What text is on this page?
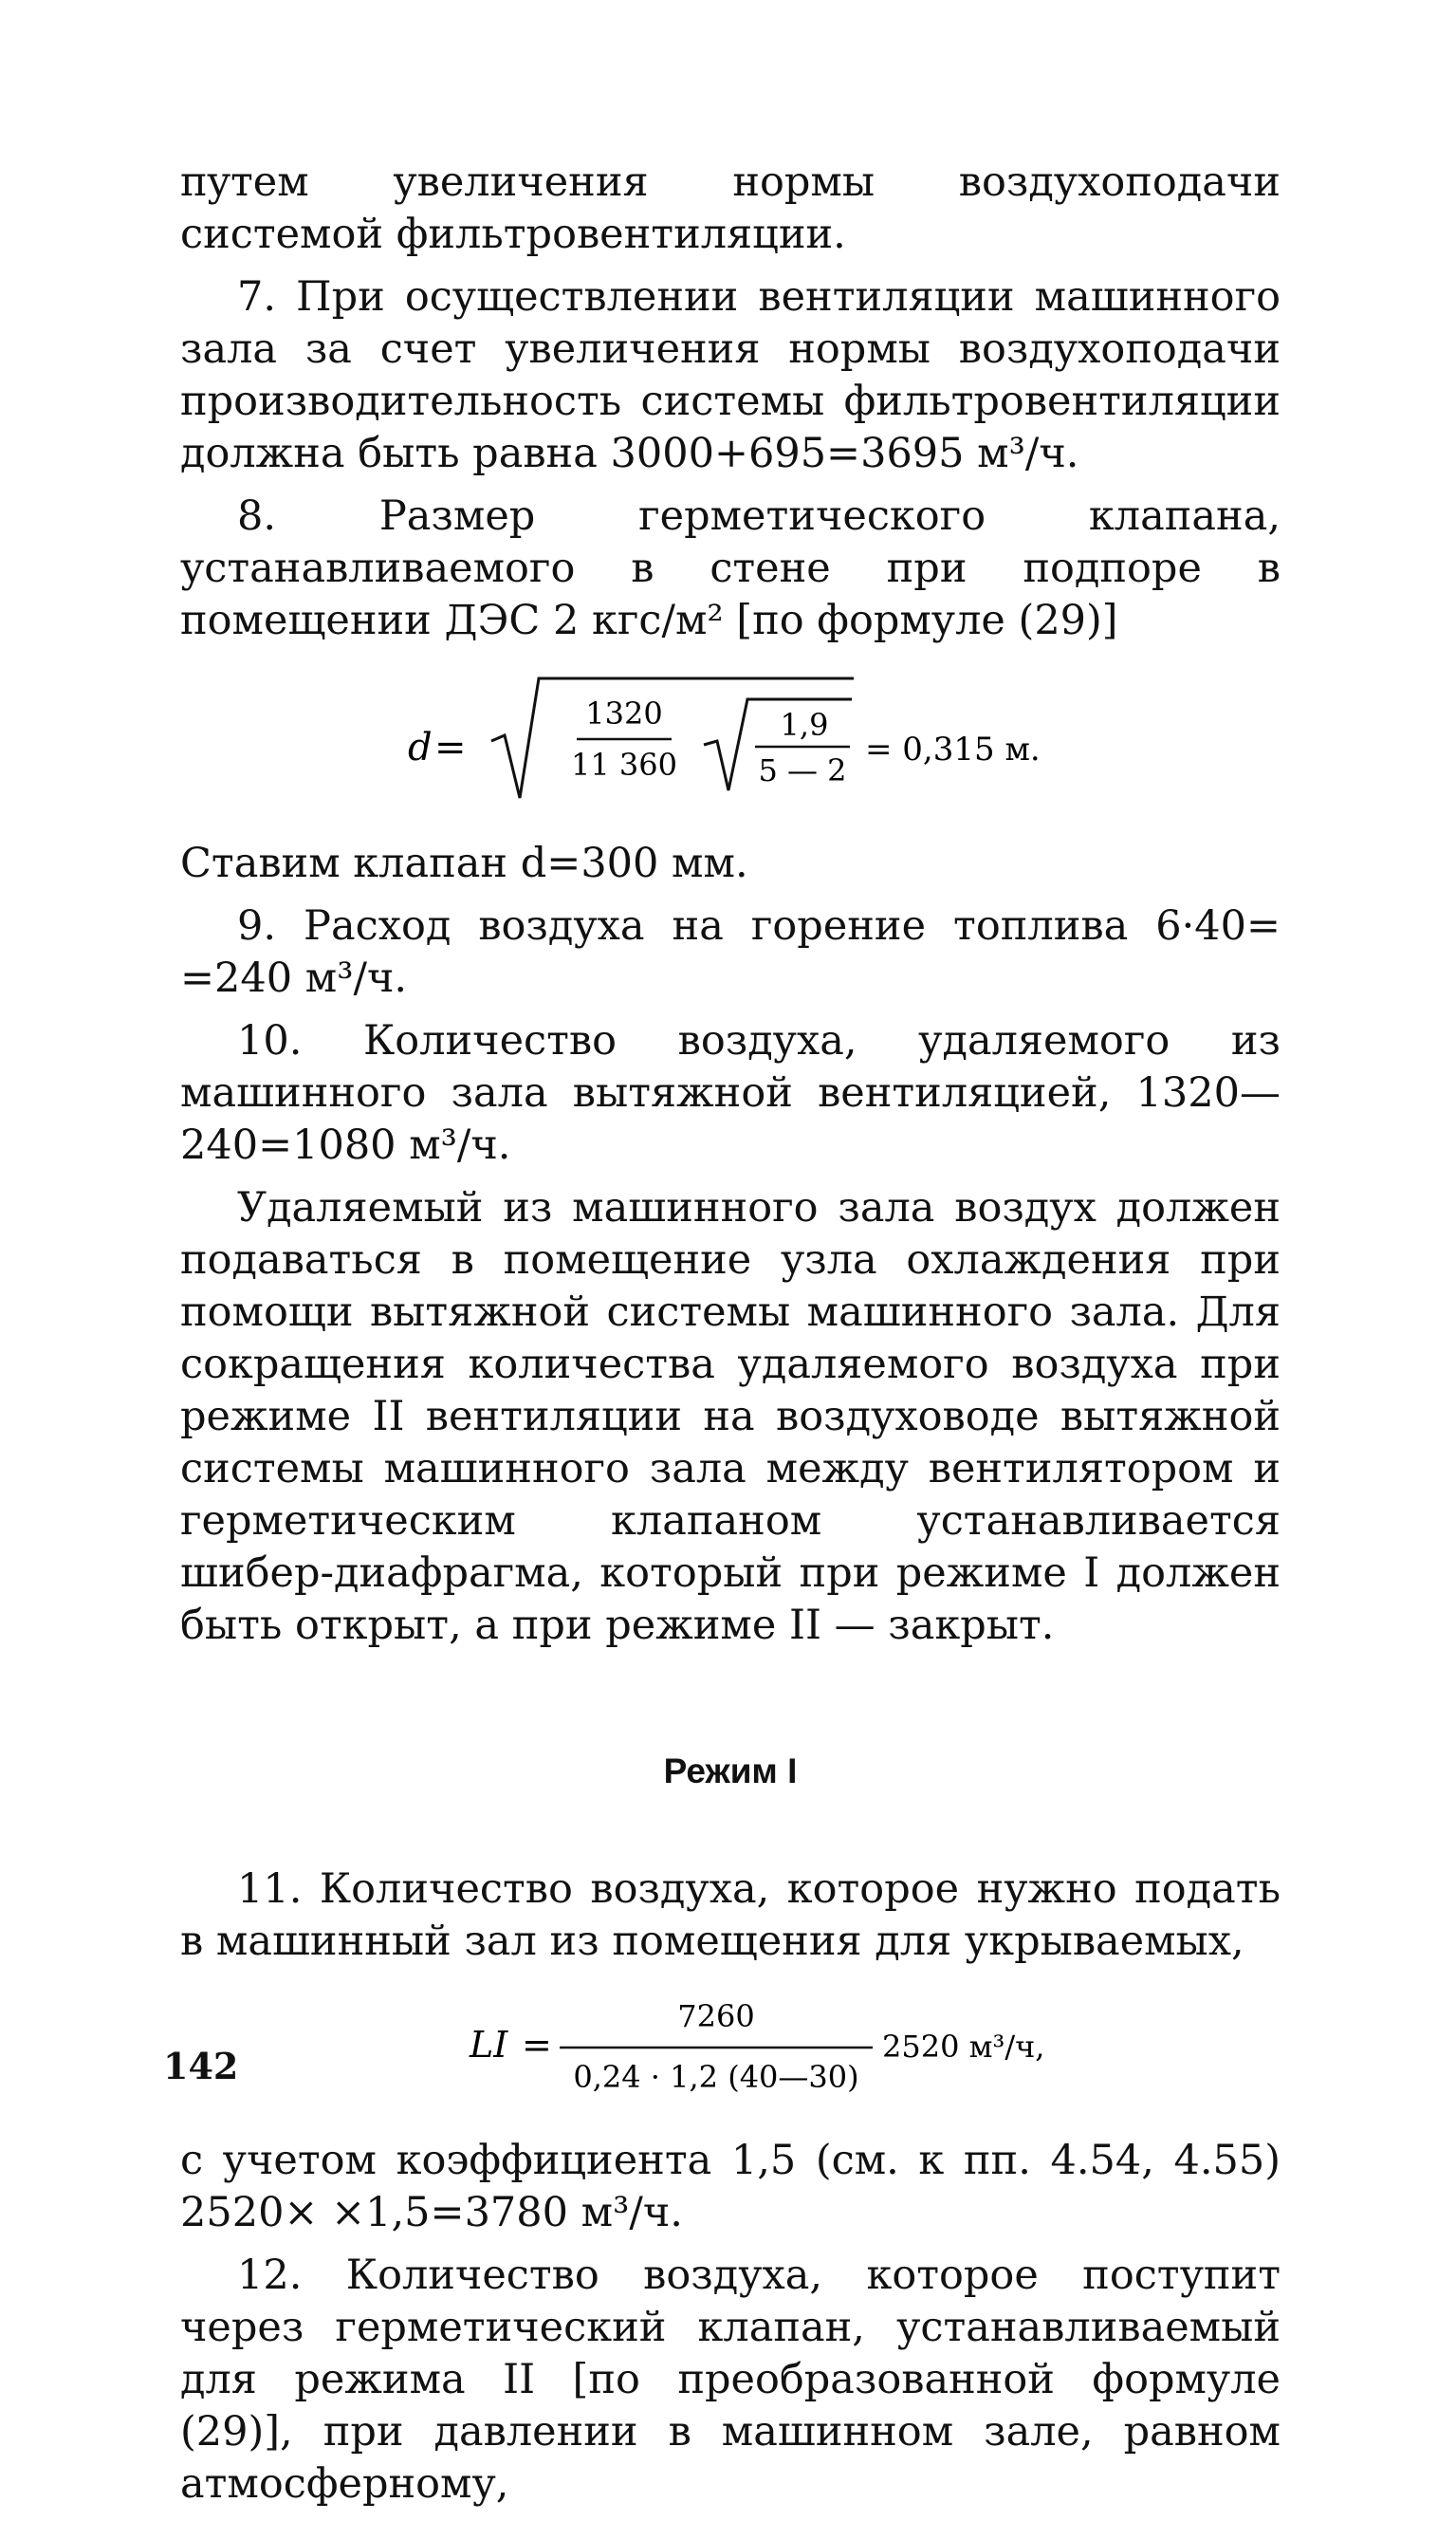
пyтем увеличения нормы воздухоподачи системой фильтровентиляции.

7. При осуществлении вентиляции машинного зала за счет увеличения нормы воздухоподачи производительность системы фильтровентиляции должна быть равна 3000+695=3695 м³/ч.

8. Размер герметического клапана, устанавливаемого в стене при подпоре в помещении ДЭС 2 кгс/м² [по формуле (29)]

d =
1320
11 360
1,9
5 — 2
= 0,315 м.

Ставим клапан d=300 мм.

9. Расход воздуха на горение топлива 6·40= =240 м³/ч.

10. Количество воздуха, удаляемого из машинного зала вытяжной вентиляцией, 1320—240=1080 м³/ч.

Удаляемый из машинного зала воздух должен подаваться в помещение узла охлаждения при помощи вытяжной системы машинного зала. Для сокращения количества удаляемого воздуха при режиме II вентиляции на воздуховоде вытяжной системы машинного зала между вентилятором и герметическим клапаном устанавливается шибер-диафрагма, который при режиме I должен быть открыт, а при режиме II — закрыт.

Режим I

11. Количество воздуха, которое нужно подать в машинный зал из помещения для укрываемых,

LI =
7260
0,24 · 1,2 (40—30)
2520 м³/ч,

с учетом коэффициента 1,5 (см. к пп. 4.54, 4.55) 2520× ×1,5=3780 м³/ч.

12. Количество воздуха, которое поступит через герметический клапан, устанавливаемый для режима II [по преобразованной формуле (29)], при давлении в машинном зале, равном атмосферному,

142
